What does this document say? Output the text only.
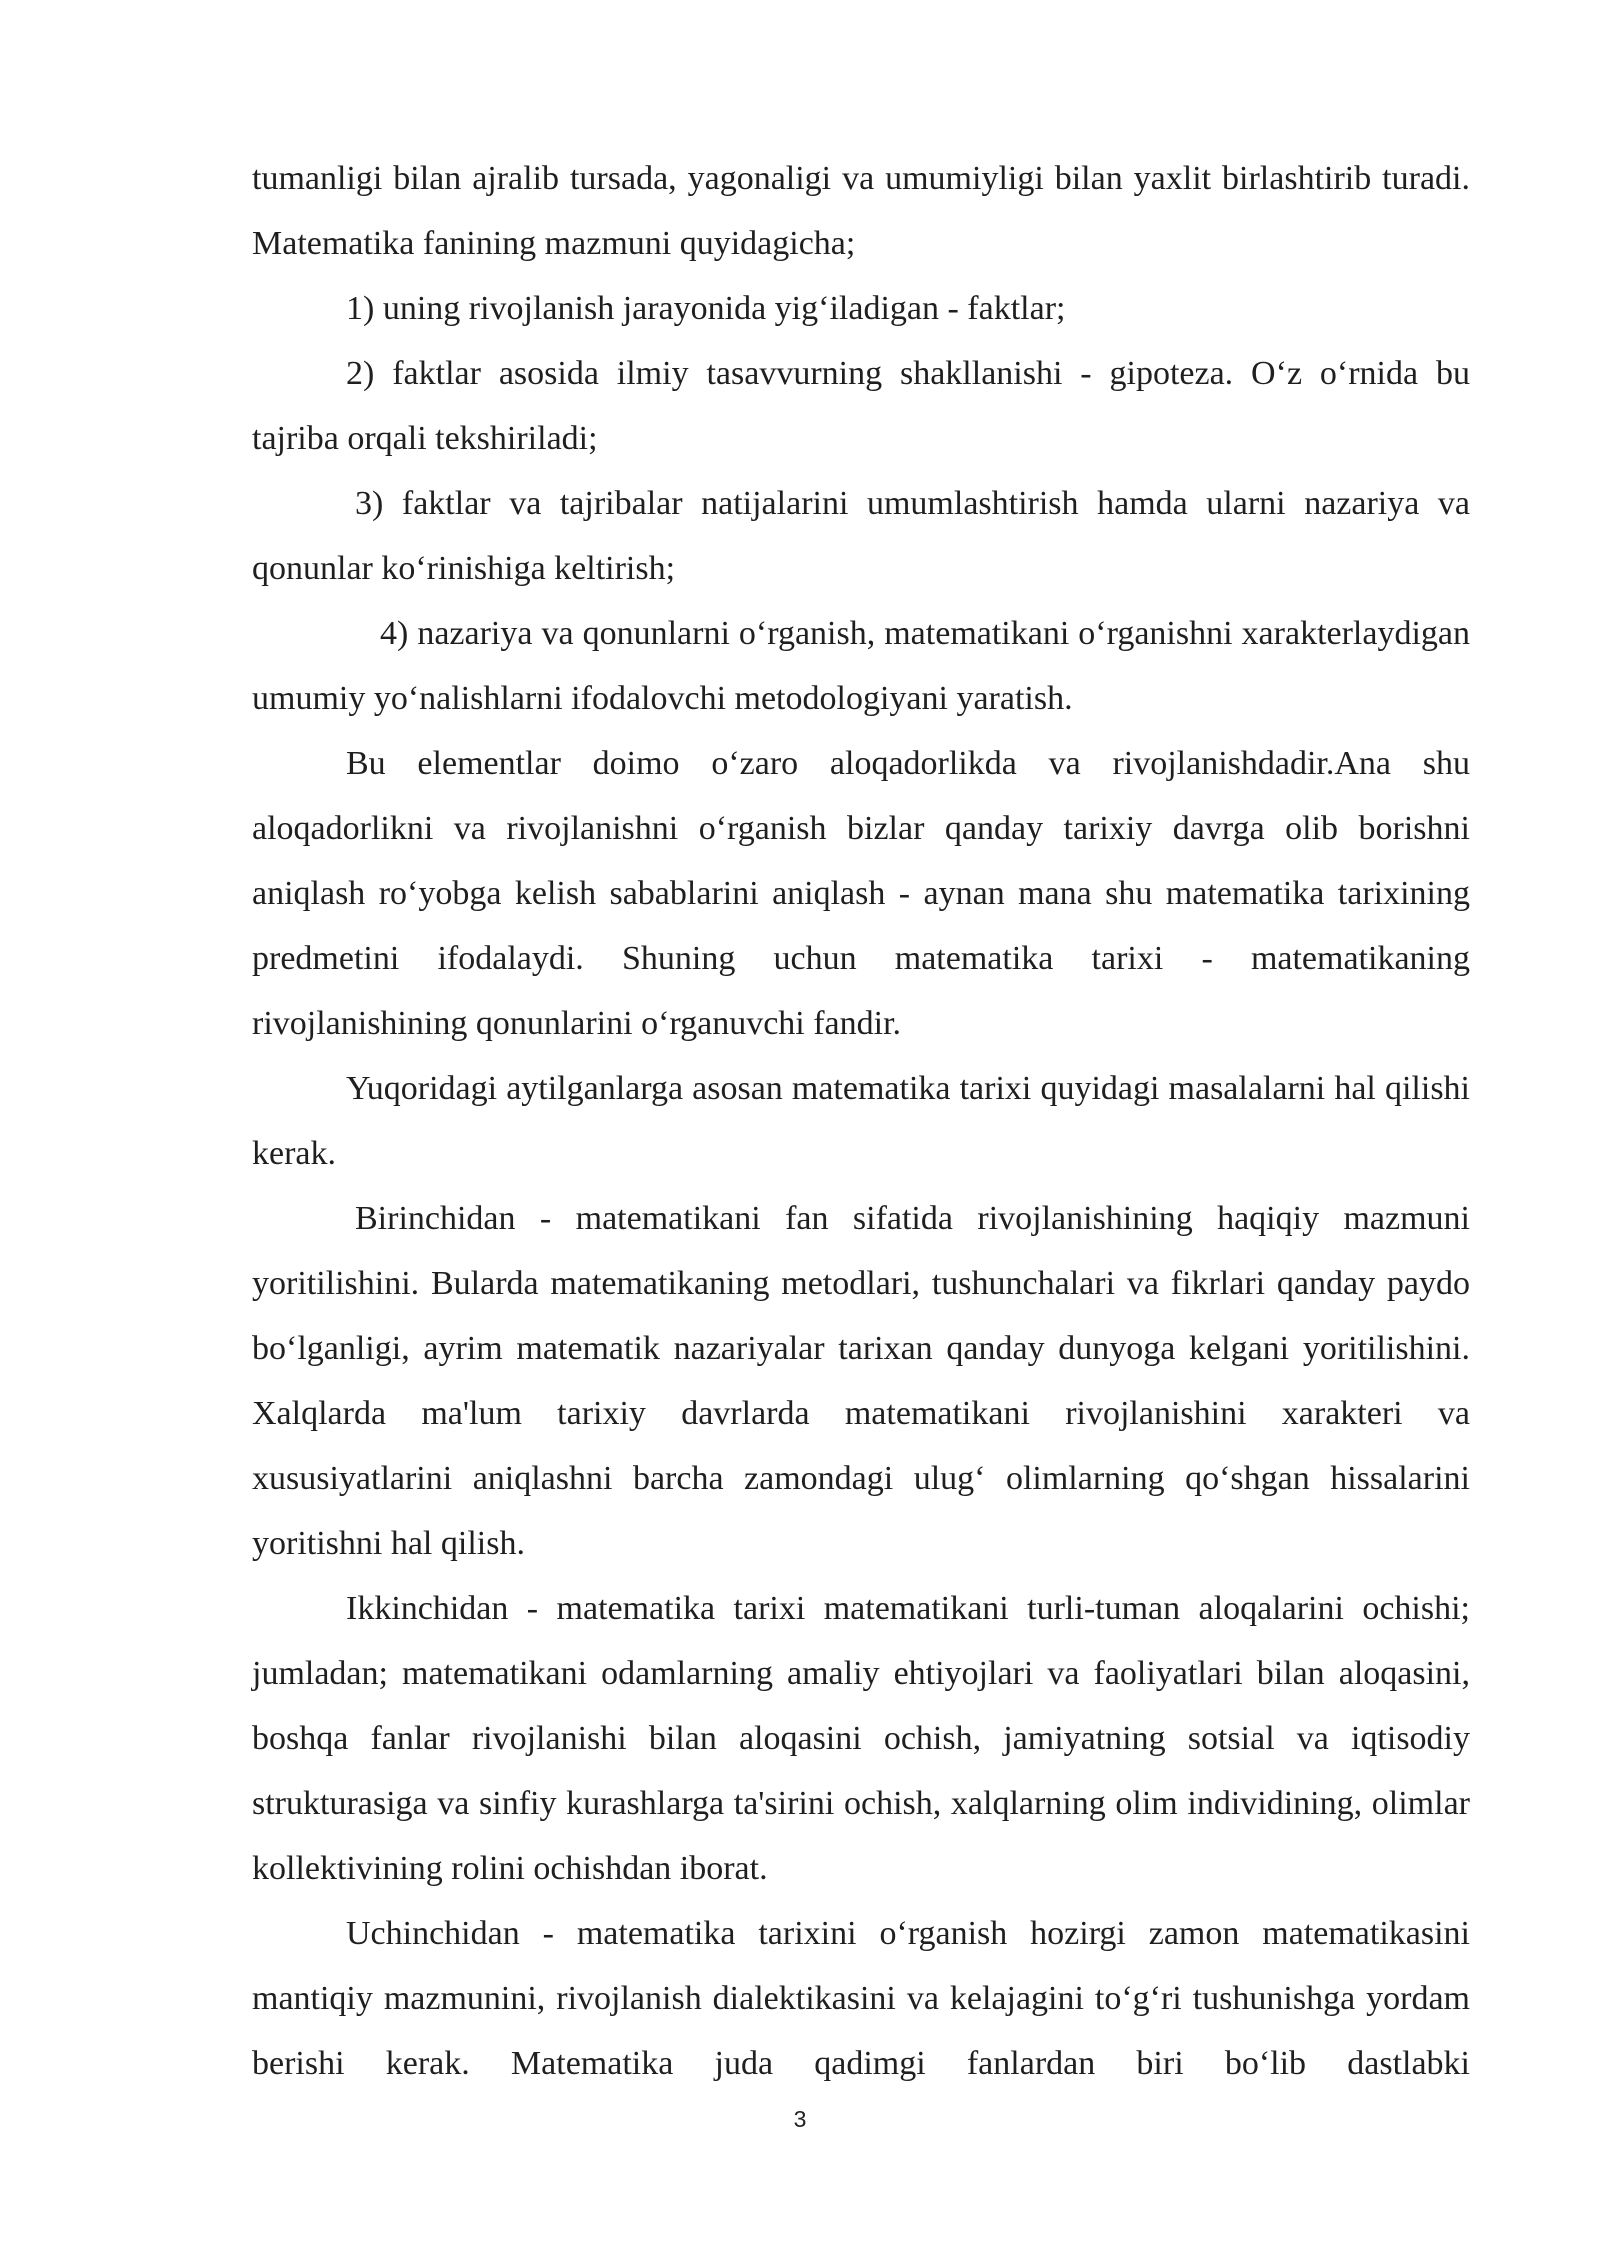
tumanligi bilan ajralib tursada, yagonaligi va umumiyligi bilan yaxlit birlashtirib turadi. Matematika fanining mazmuni quyidagicha;

1) uning rivojlanish jarayonida yig‘iladigan - faktlar;

2) faktlar asosida ilmiy tasavvurning shakllanishi - gipoteza. O‘z o‘rnida bu tajriba orqali tekshiriladi;

3) faktlar va tajribalar natijalarini umumlashtirish hamda ularni nazariya va qonunlar ko‘rinishiga keltirish;

4) nazariya va qonunlarni o‘rganish, matematikani o‘rganishni xarakterlaydigan umumiy yo‘nalishlarni ifodalovchi metodologiyani yaratish.

Bu elementlar doimo o‘zaro aloqadorlikda va rivojlanishdadir.Ana shu aloqadorlikni va rivojlanishni o‘rganish bizlar qanday tarixiy davrga olib borishni aniqlash ro‘yobga kelish sabablarini aniqlash - aynan mana shu matematika tarixining predmetini ifodalaydi. Shuning uchun matematika tarixi - matematikaning rivojlanishining qonunlarini o‘rganuvchi fandir.

Yuqoridagi aytilganlarga asosan matematika tarixi quyidagi masalalarni hal qilishi kerak.

Birinchidan - matematikani fan sifatida rivojlanishining haqiqiy mazmuni yoritilishini. Bularda matematikaning metodlari, tushunchalari va fikrlari qanday paydo bo‘lganligi, ayrim matematik nazariyalar tarixan qanday dunyoga kelgani yoritilishini. Xalqlarda ma'lum tarixiy davrlarda matematikani rivojlanishini xarakteri va xususiyatlarini aniqlashni barcha zamondagi ulug‘ olimlarning qo‘shgan hissalarini yoritishni hal qilish.

Ikkinchidan - matematika tarixi matematikani turli-tuman aloqalarini ochishi; jumladan; matematikani odamlarning amaliy ehtiyojlari va faoliyatlari bilan aloqasini, boshqa fanlar rivojlanishi bilan aloqasini ochish, jamiyatning sotsial va iqtisodiy strukturasiga va sinfiy kurashlarga ta'sirini ochish, xalqlarning olim individining, olimlar kollektivining rolini ochishdan iborat.

Uchinchidan - matematika tarixini o‘rganish hozirgi zamon matematikasini mantiqiy mazmunini, rivojlanish dialektikasini va kelajagini to‘g‘ri tushunishga yordam berishi kerak. Matematika juda qadimgi fanlardan biri bo‘lib dastlabki

3
